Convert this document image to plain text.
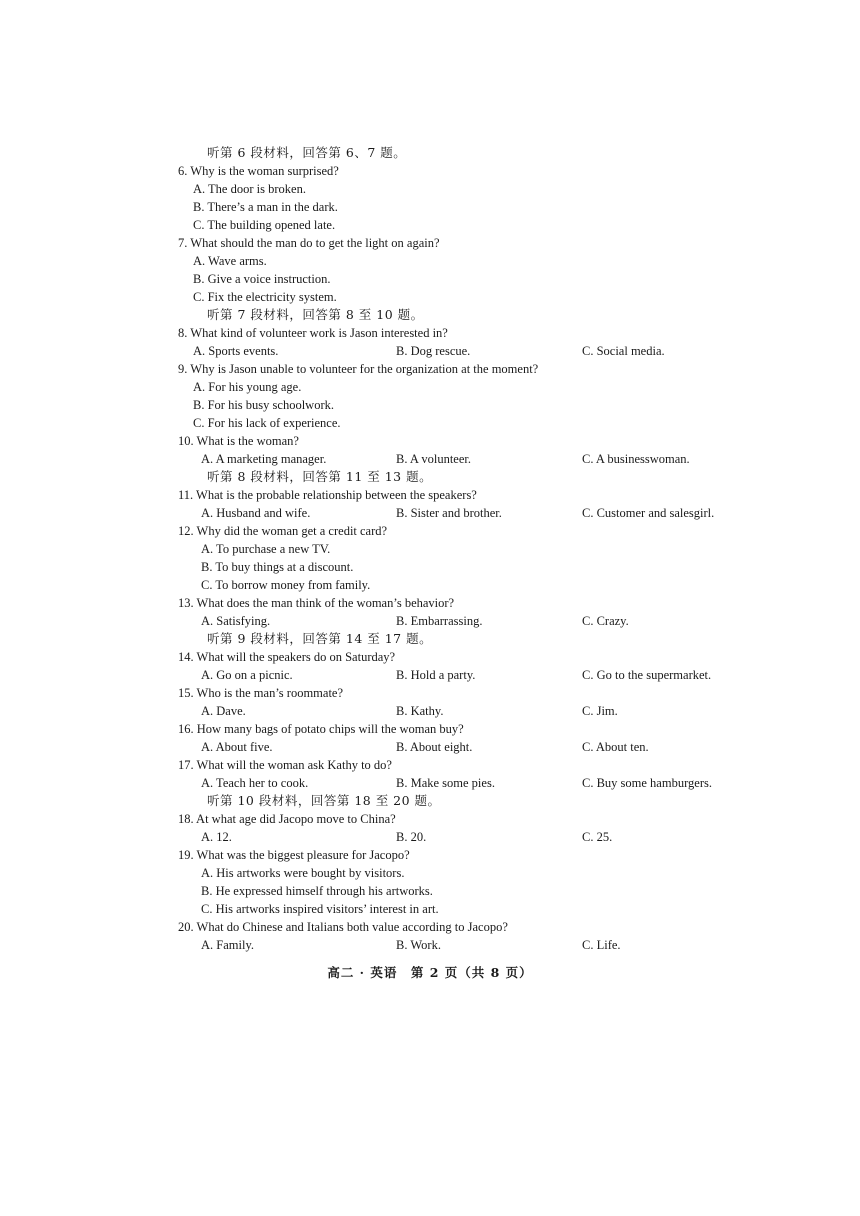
听第 6 段材料，回答第 6、7 题。
6. Why is the woman surprised?
A. The door is broken.
B. There’s a man in the dark.
C. The building opened late.
7. What should the man do to get the light on again?
A. Wave arms.
B. Give a voice instruction.
C. Fix the electricity system.
听第 7 段材料，回答第 8 至 10 题。
8. What kind of volunteer work is Jason interested in?
A. Sports events.	B. Dog rescue.	C. Social media.
9. Why is Jason unable to volunteer for the organization at the moment?
A. For his young age.
B. For his busy schoolwork.
C. For his lack of experience.
10. What is the woman?
A. A marketing manager.	B. A volunteer.	C. A businesswoman.
听第 8 段材料，回答第 11 至 13 题。
11. What is the probable relationship between the speakers?
A. Husband and wife.	B. Sister and brother.	C. Customer and salesgirl.
12. Why did the woman get a credit card?
A. To purchase a new TV.
B. To buy things at a discount.
C. To borrow money from family.
13. What does the man think of the woman’s behavior?
A. Satisfying.	B. Embarrassing.	C. Crazy.
听第 9 段材料，回答第 14 至 17 题。
14. What will the speakers do on Saturday?
A. Go on a picnic.	B. Hold a party.	C. Go to the supermarket.
15. Who is the man’s roommate?
A. Dave.	B. Kathy.	C. Jim.
16. How many bags of potato chips will the woman buy?
A. About five.	B. About eight.	C. About ten.
17. What will the woman ask Kathy to do?
A. Teach her to cook.	B. Make some pies.	C. Buy some hamburgers.
听第 10 段材料，回答第 18 至 20 题。
18. At what age did Jacopo move to China?
A. 12.	B. 20.	C. 25.
19. What was the biggest pleasure for Jacopo?
A. His artworks were bought by visitors.
B. He expressed himself through his artworks.
C. His artworks inspired visitors’ interest in art.
20. What do Chinese and Italians both value according to Jacopo?
A. Family.	B. Work.	C. Life.
高二 · 英语　第 2 页（共 8 页）
